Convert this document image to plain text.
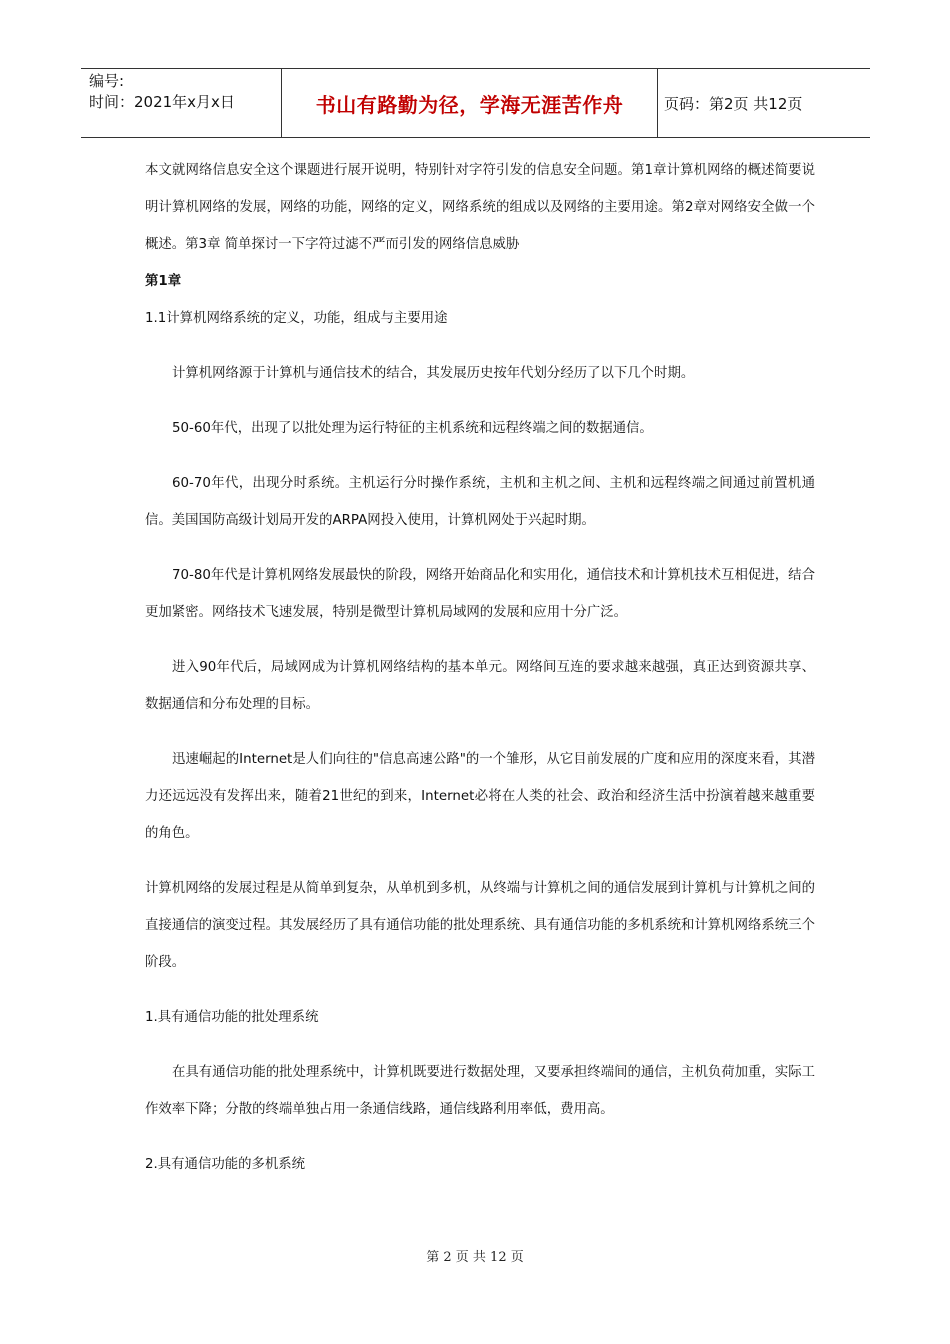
编号:
时间：2021年x月x日	书山有路勤为径，学海无涯苦作舟	页码：第2页 共12页

本文就网络信息安全这个课题进行展开说明，特别针对字符引发的信息安全问题。第1章计算机网络的概述简要说明计算机网络的发展，网络的功能，网络的定义，网络系统的组成以及网络的主要用途。第2章对网络安全做一个概述。第3章 简单探讨一下字符过滤不严而引发的网络信息威胁

第1章

1.1计算机网络系统的定义，功能，组成与主要用途

计算机网络源于计算机与通信技术的结合，其发展历史按年代划分经历了以下几个时期。

50-60年代，出现了以批处理为运行特征的主机系统和远程终端之间的数据通信。

60-70年代，出现分时系统。主机运行分时操作系统，主机和主机之间、主机和远程终端之间通过前置机通信。美国国防高级计划局开发的ARPA网投入使用，计算机网处于兴起时期。

70-80年代是计算机网络发展最快的阶段，网络开始商品化和实用化，通信技术和计算机技术互相促进，结合更加紧密。网络技术飞速发展，特别是微型计算机局域网的发展和应用十分广泛。

进入90年代后，局域网成为计算机网络结构的基本单元。网络间互连的要求越来越强，真正达到资源共享、数据通信和分布处理的目标。

迅速崛起的Internet是人们向往的"信息高速公路"的一个雏形，从它目前发展的广度和应用的深度来看，其潜力还远远没有发挥出来，随着21世纪的到来，Internet必将在人类的社会、政治和经济生活中扮演着越来越重要的角色。

计算机网络的发展过程是从简单到复杂，从单机到多机，从终端与计算机之间的通信发展到计算机与计算机之间的直接通信的演变过程。其发展经历了具有通信功能的批处理系统、具有通信功能的多机系统和计算机网络系统三个阶段。

1.具有通信功能的批处理系统

在具有通信功能的批处理系统中，计算机既要进行数据处理，又要承担终端间的通信，主机负荷加重，实际工作效率下降；分散的终端单独占用一条通信线路，通信线路利用率低，费用高。

2.具有通信功能的多机系统

第 2 页 共 12 页
